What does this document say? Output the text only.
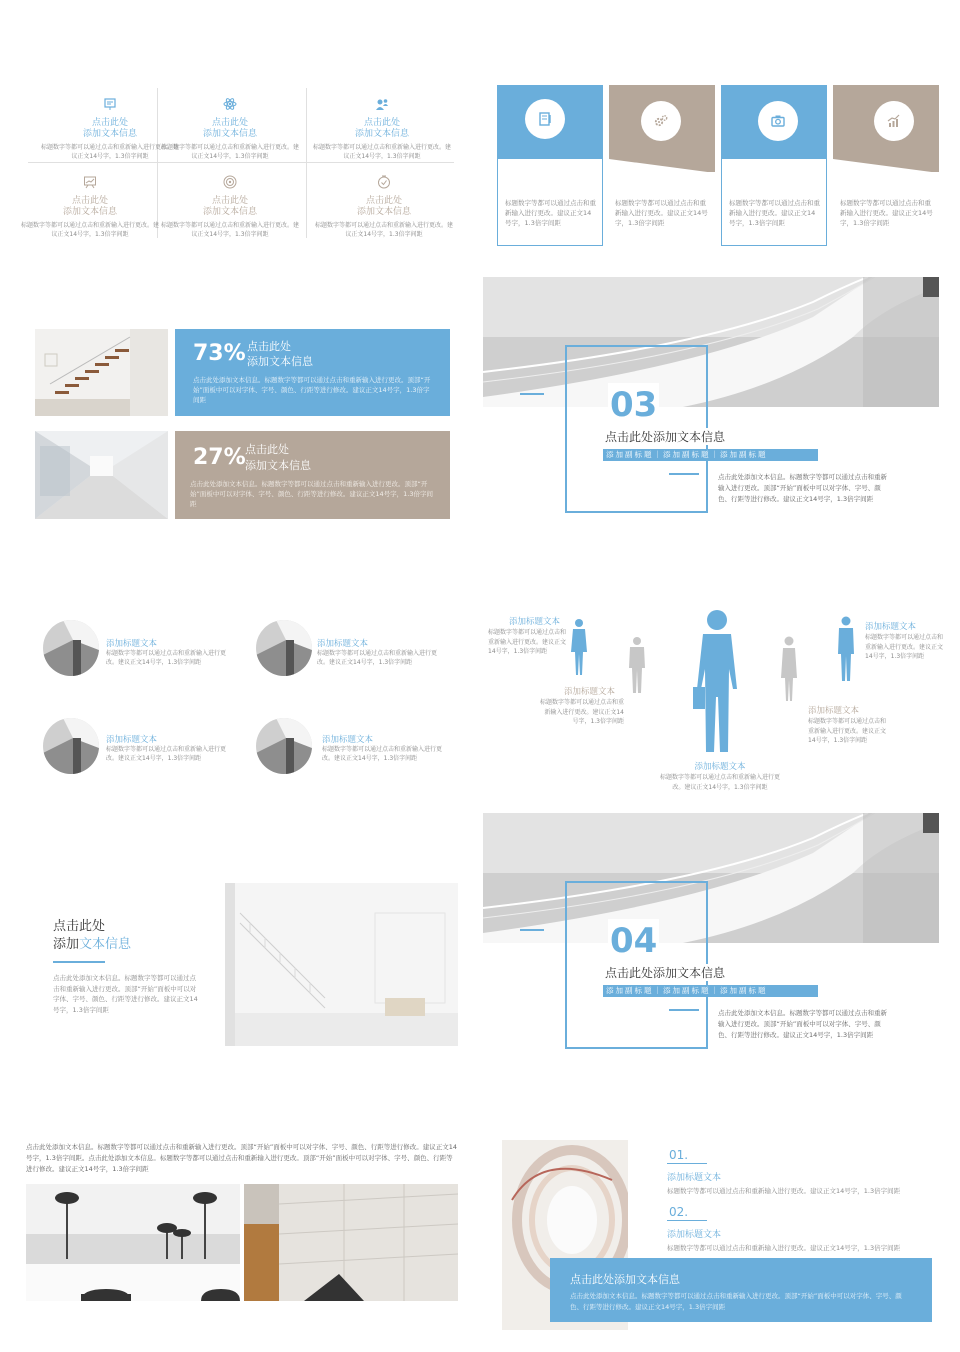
点击此处
添加文本信息
标题数字等都可以通过点击和重新输入进行更改。建议正文14号字，1.3倍字间距
点击此处
添加文本信息
标题数字等都可以通过点击和重新输入进行更改。建议正文14号字，1.3倍字间距
点击此处
添加文本信息
标题数字等都可以通过点击和重新输入进行更改。建议正文14号字，1.3倍字间距
点击此处
添加文本信息
标题数字等都可以通过点击和重新输入进行更改。建议正文14号字，1.3倍字间距
点击此处
添加文本信息
标题数字等都可以通过点击和重新输入进行更改。建议正文14号字，1.3倍字间距
点击此处
添加文本信息
标题数字等都可以通过点击和重新输入进行更改。建议正文14号字，1.3倍字间距
标题数字等都可以通过点击和重新输入进行更改。建议正文14号字，1.3倍字间距
标题数字等都可以通过点击和重新输入进行更改。建议正文14号字，1.3倍字间距
标题数字等都可以通过点击和重新输入进行更改。建议正文14号字，1.3倍字间距
标题数字等都可以通过点击和重新输入进行更改。建议正文14号字，1.3倍字间距
73% 点击此处
添加文本信息
点击此处添加文本信息。标题数字等都可以通过点击和重新输入进行更改。顶部“开始”面板中可以对字体、字号、颜色、行距等进行修改。建议正文14号字，1.3倍字间距
27% 点击此处
添加文本信息
点击此处添加文本信息。标题数字等都可以通过点击和重新输入进行更改。顶部“开始”面板中可以对字体、字号、颜色、行距等进行修改。建议正文14号字，1.3倍字间距
03
点击此处添加文本信息
添加副标题｜添加副标题｜添加副标题
点击此处添加文本信息。标题数字等都可以通过点击和重新输入进行更改。顶部“开始”面板中可以对字体、字号、颜色、行距等进行修改。建议正文14号字，1.3倍字间距
添加标题文本
标题数字等都可以通过点击和重新输入进行更改。建议正文14号字，1.3倍字间距
添加标题文本
标题数字等都可以通过点击和重新输入进行更改。建议正文14号字，1.3倍字间距
添加标题文本
标题数字等都可以通过点击和重新输入进行更改。建议正文14号字，1.3倍字间距
添加标题文本
标题数字等都可以通过点击和重新输入进行更改。建议正文14号字，1.3倍字间距
添加标题文本
标题数字等都可以通过点击和重新输入进行更改。建议正文14号字，1.3倍字间距
添加标题文本
标题数字等都可以通过点击和重新输入进行更改。建议正文14号字，1.3倍字间距
添加标题文本
标题数字等都可以通过点击和重新输入进行更改。建议正文14号字，1.3倍字间距
添加标题文本
标题数字等都可以通过点击和重新输入进行更改。建议正文14号字，1.3倍字间距
添加标题文本
标题数字等都可以通过点击和重新输入进行更改。建议正文14号字，1.3倍字间距
点击此处
添加文本信息
点击此处添加文本信息。标题数字等都可以通过点击和重新输入进行更改。顶部“开始”面板中可以对字体、字号、颜色、行距等进行修改。建议正文14号字，1.3倍字间距
04
点击此处添加文本信息
添加副标题｜添加副标题｜添加副标题
点击此处添加文本信息。标题数字等都可以通过点击和重新输入进行更改。顶部“开始”面板中可以对字体、字号、颜色、行距等进行修改。建议正文14号字，1.3倍字间距
点击此处添加文本信息。标题数字等都可以通过点击和重新输入进行更改。顶部“开始”面板中可以对字体、字号、颜色、行距等进行修改。建议正文14号字，1.3倍字间距。点击此处添加文本信息。标题数字等都可以通过点击和重新输入进行更改。顶部“开始”面板中可以对字体、字号、颜色、行距等进行修改。建议正文14号字，1.3倍字间距
01.
添加标题文本
标题数字等都可以通过点击和重新输入进行更改。建议正文14号字，1.3倍字间距
02.
添加标题文本
标题数字等都可以通过点击和重新输入进行更改。建议正文14号字，1.3倍字间距
点击此处添加文本信息
点击此处添加文本信息。标题数字等都可以通过点击和重新输入进行更改。顶部“开始”面板中可以对字体、字号、颜色、行距等进行修改。建议正文14号字，1.3倍字间距
